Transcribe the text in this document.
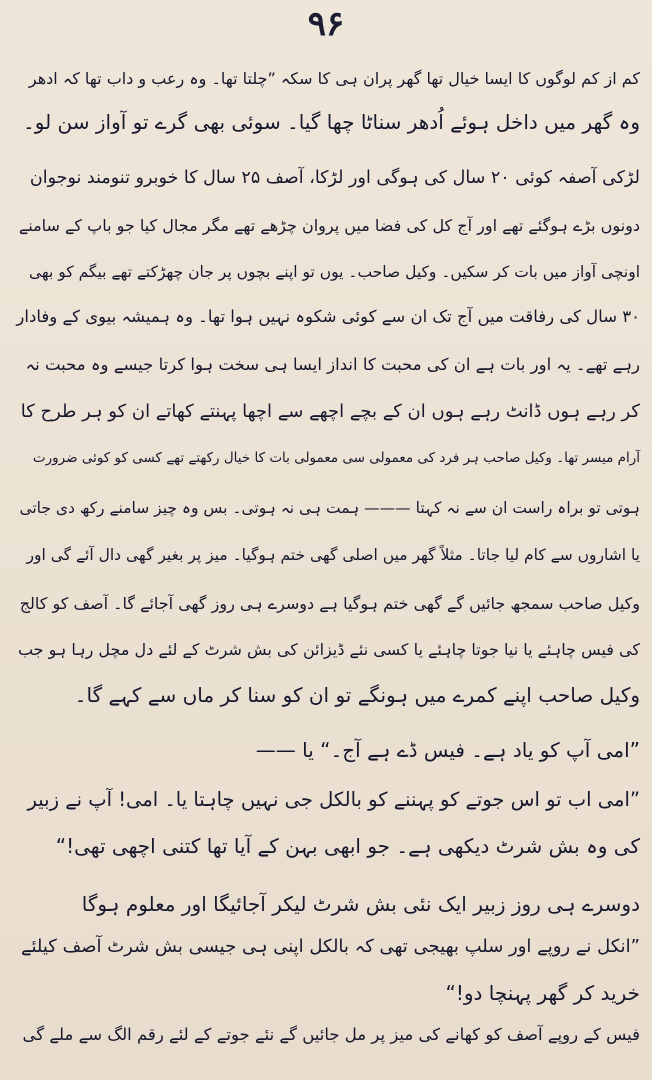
۹۶
کم از کم لوگوں کا ایسا خیال تھا گھر پران ہی کا سکہ ”چلتا تھا۔ وہ رعب و داب تھا کہ ادھر
وہ گھر میں داخل ہوئے اُدھر سناٹا چھا گیا۔ سوئی بھی گرے تو آواز سن لو۔
لڑکی آصفہ کوئی ۲۰ سال کی ہوگی اور لڑکا، آصف ۲۵ سال کا خوبرو تنومند نوجوان
دونوں بڑے ہوگئے تھے اور آج کل کی فضا میں پروان چڑھے تھے مگر مجال کیا جو باپ کے سامنے
اونچی آواز میں بات کر سکیں۔ وکیل صاحب۔ یوں تو اپنے بچوں پر جان چھڑکتے تھے بیگم کو بھی
۳۰ سال کی رفاقت میں آج تک ان سے کوئی شکوہ نہیں ہوا تھا۔ وہ ہمیشہ بیوی کے وفادار
رہے تھے۔ یہ اور بات ہے ان کی محبت کا انداز ایسا ہی سخت ہوا کرتا جیسے وہ محبت نہ
کر رہے ہوں ڈانٹ رہے ہوں ان کے بچے اچھے سے اچھا پہنتے کھاتے ان کو ہر طرح کا
آرام میسر تھا۔ وکیل صاحب ہر فرد کی معمولی سی معمولی بات کا خیال رکھتے تھے کسی کو کوئی ضرورت
ہوتی تو براہ راست ان سے نہ کہتا ——— ہمت ہی نہ ہوتی۔ بس وہ چیز سامنے رکھ دی جاتی
یا اشاروں سے کام لیا جاتا۔ مثلاً گھر میں اصلی گھی ختم ہوگیا۔ میز پر بغیر گھی دال آئے گی اور
وکیل صاحب سمجھ جائیں گے گھی ختم ہوگیا ہے دوسرے ہی روز گھی آجائے گا۔ آصف کو کالج
کی فیس چاہئے یا نیا جوتا چاہئے یا کسی نئے ڈیزائن کی بش شرٹ کے لئے دل مچل رہا ہو جب
وکیل صاحب اپنے کمرے میں ہونگے تو ان کو سنا کر ماں سے کہے گا۔
”امی آپ کو یاد ہے۔ فیس ڈے ہے آج۔“ یا ——
”امی اب تو اس جوتے کو پہننے کو بالکل جی نہیں چاہتا یا۔ امی! آپ نے زبیر
کی وہ بش شرٹ دیکھی ہے۔ جو ابھی بہن کے آیا تھا کتنی اچھی تھی!“
دوسرے ہی روز زبیر ایک نئی بش شرٹ لیکر آجائیگا اور معلوم ہوگا
”انکل نے روپے اور سلپ بھیجی تھی کہ بالکل اپنی ہی جیسی بش شرٹ آصف کیلئے
خرید کر گھر پہنچا دو!“
فیس کے روپے آصف کو کھانے کی میز پر مل جائیں گے نئے جوتے کے لئے رقم الگ سے ملے گی
